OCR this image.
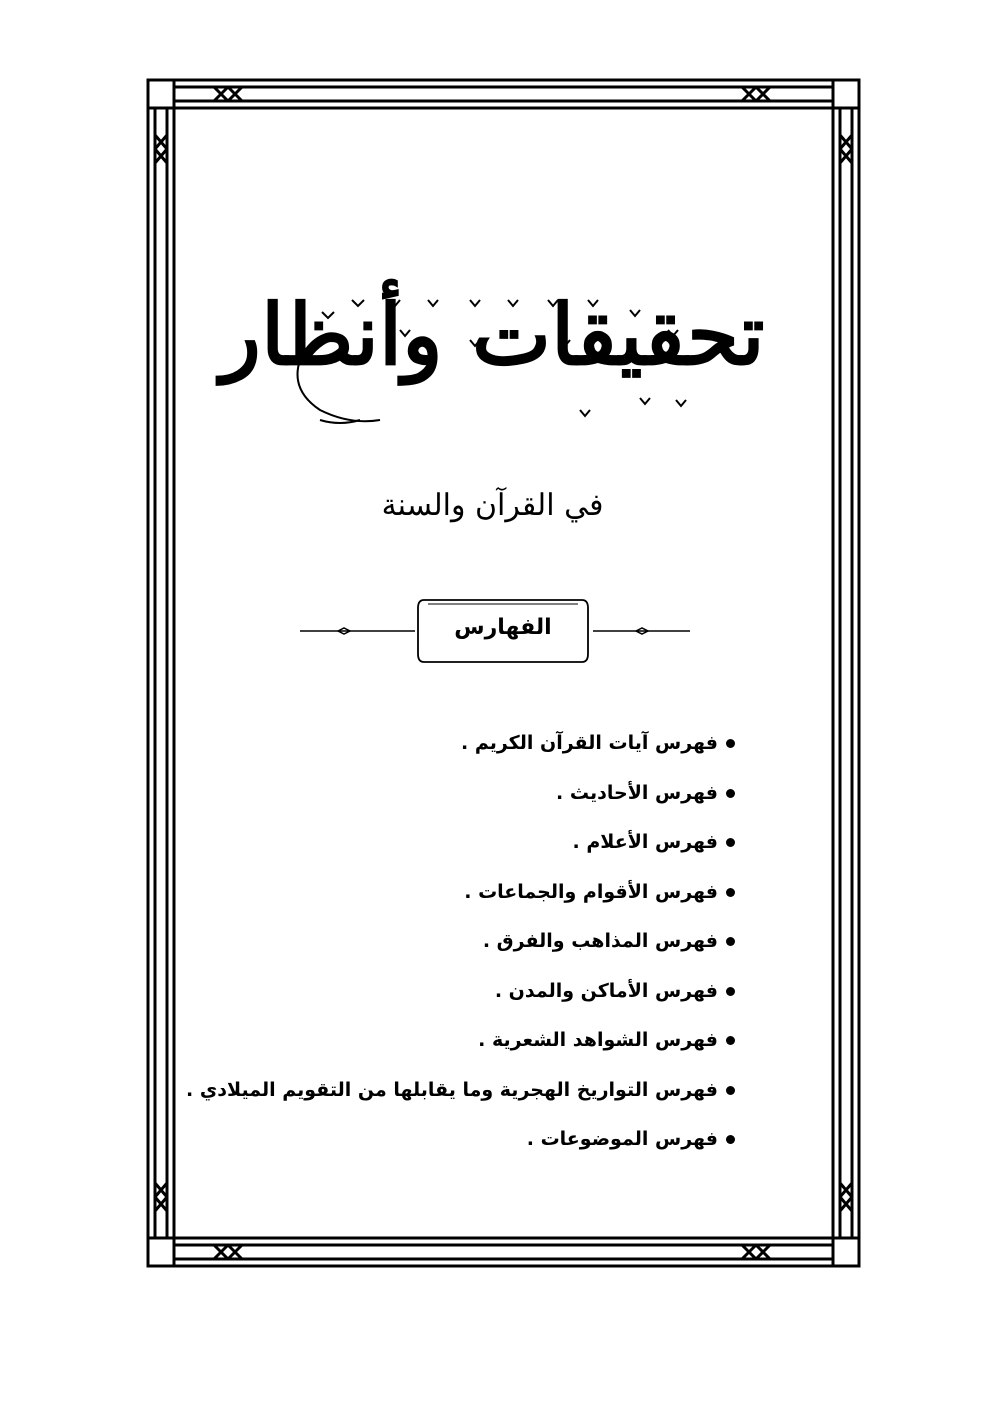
تحقيقات وأنظار
في القرآن والسنة
الفهارس
فهرس آيات القرآن الكريم .
فهرس الأحاديث .
فهرس الأعلام .
فهرس الأقوام والجماعات .
فهرس المذاهب والفرق .
فهرس الأماكن والمدن .
فهرس الشواهد الشعرية .
فهرس التواريخ الهجرية وما يقابلها من التقويم الميلادي .
فهرس الموضوعات .
